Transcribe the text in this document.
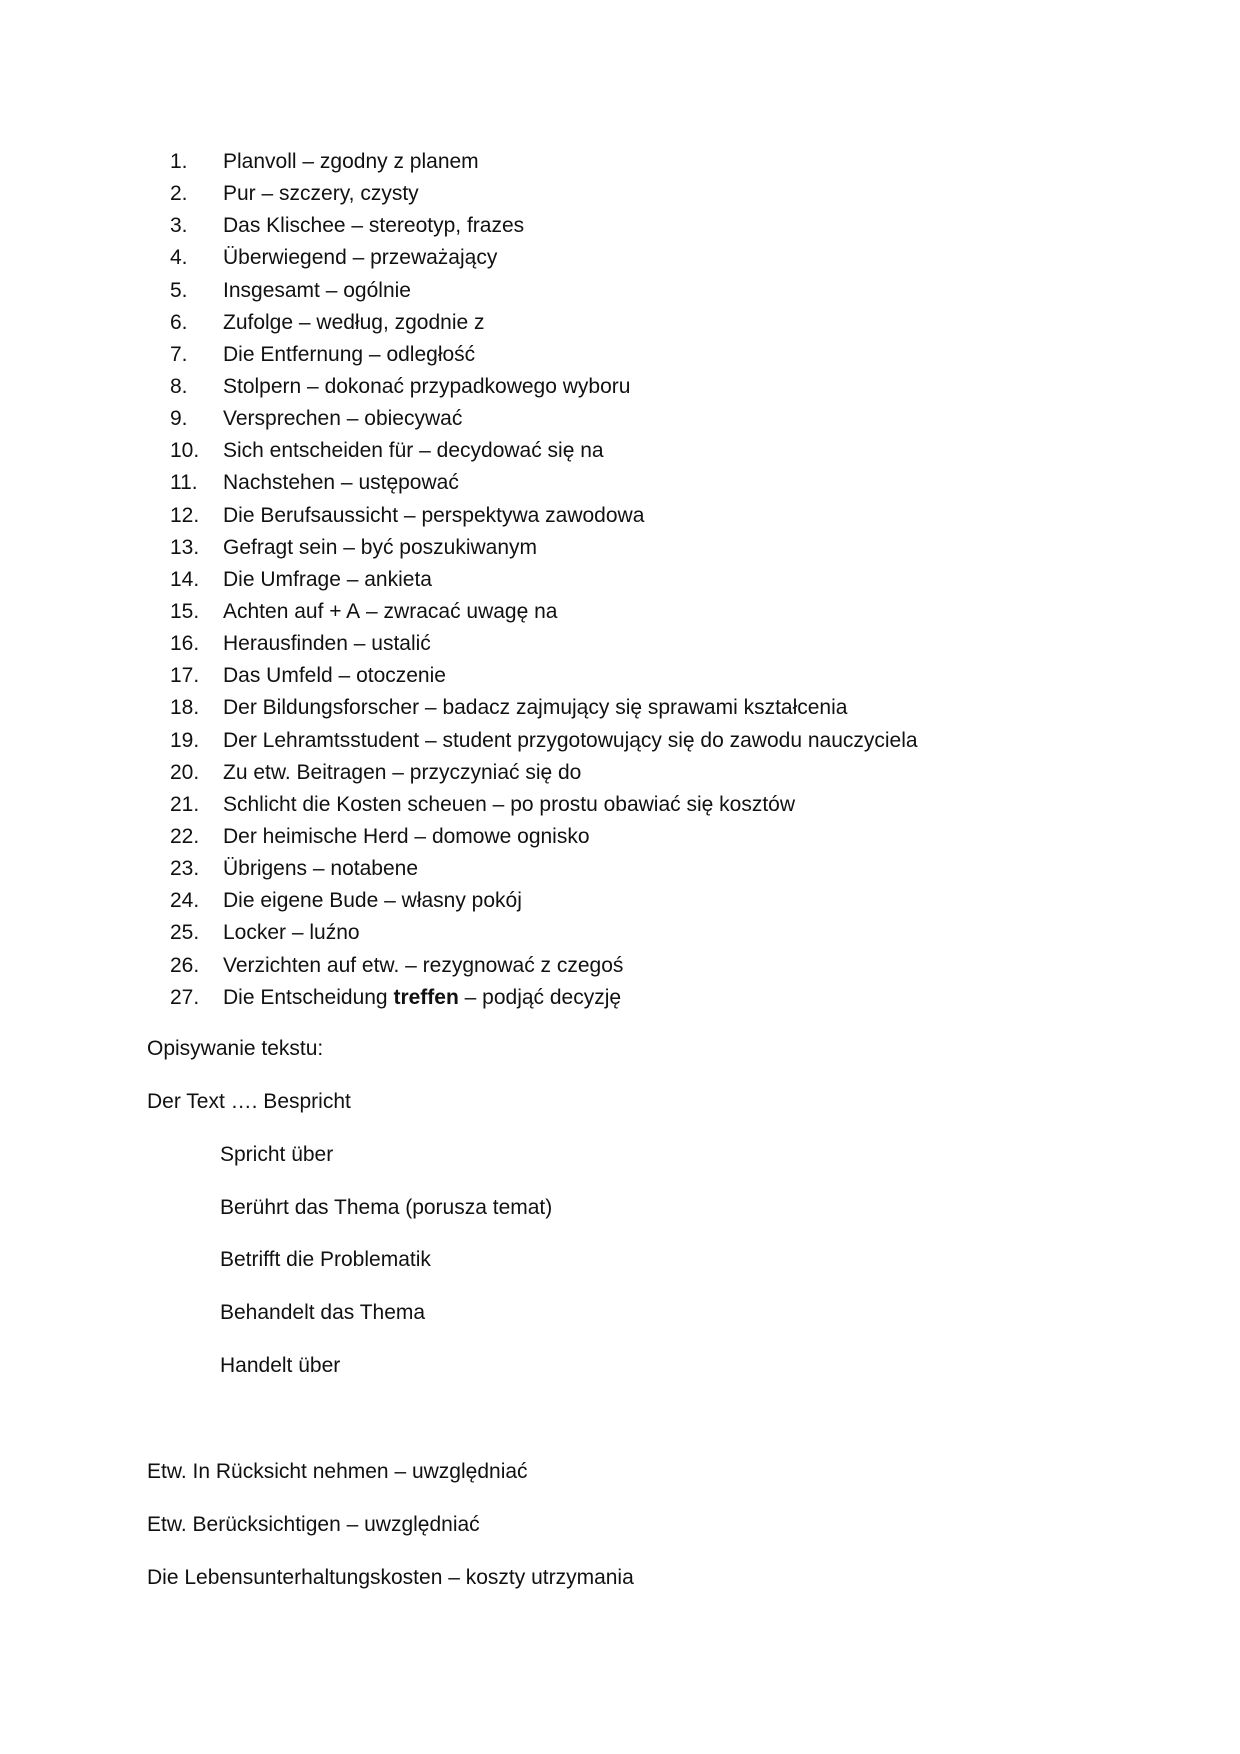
1.	Planvoll – zgodny z planem
2.	Pur – szczery, czysty
3.	Das Klischee – stereotyp, frazes
4.	Überwiegend – przeważający
5.	Insgesamt – ogólnie
6.	Zufolge – według, zgodnie z
7.	Die Entfernung – odległość
8.	Stolpern – dokonać przypadkowego wyboru
9.	Versprechen – obiecywać
10.	Sich entscheiden für – decydować się na
11.	Nachstehen – ustępować
12.	Die Berufsaussicht – perspektywa zawodowa
13.	Gefragt sein – być poszukiwanym
14.	Die Umfrage – ankieta
15.	Achten auf + A – zwracać uwagę na
16.	Herausfinden – ustalić
17.	Das Umfeld – otoczenie
18.	Der Bildungsforscher – badacz zajmujący się sprawami kształcenia
19.	Der Lehramtsstudent – student przygotowujący się do zawodu nauczyciela
20.	Zu etw. Beitragen – przyczyniać się do
21.	Schlicht die Kosten scheuen – po prostu obawiać się kosztów
22.	Der heimische Herd – domowe ognisko
23.	Übrigens – notabene
24.	Die eigene Bude – własny pokój
25.	Locker – luźno
26.	Verzichten auf etw. – rezygnować z czegoś
27.	Die Entscheidung treffen – podjąć decyzję

Opisywanie tekstu:

Der Text …. Bespricht

Spricht über

Berührt das Thema (porusza temat)

Betrifft die Problematik

Behandelt das Thema

Handelt über

Etw. In Rücksicht nehmen – uwzględniać

Etw. Berücksichtigen – uwzględniać

Die Lebensunterhaltungskosten – koszty utrzymania
